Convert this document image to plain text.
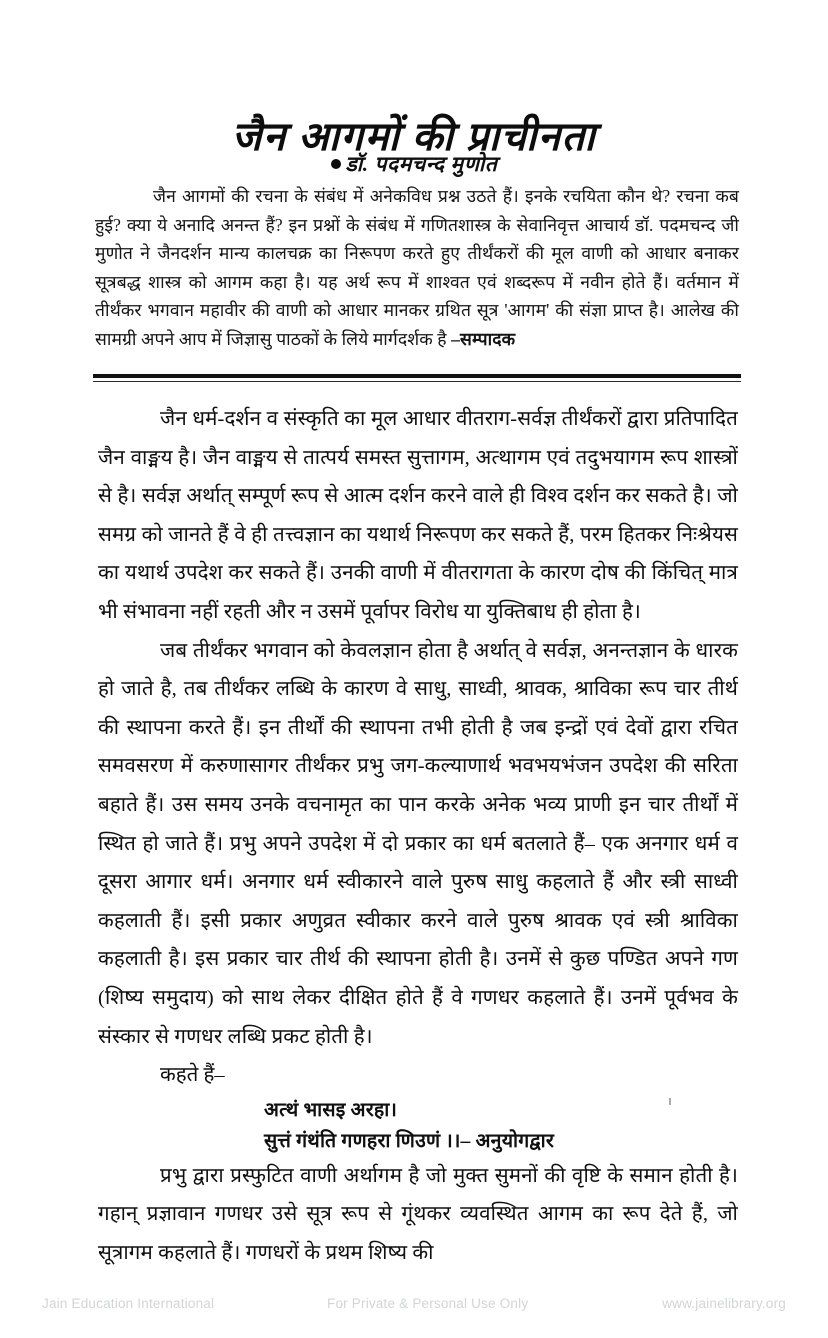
जैन आगमों की प्राचीनता
डॉ. पदमचन्द मुणोत
जैन आगमों की रचना के संबंध में अनेकविध प्रश्न उठते हैं। इनके रचयिता कौन थे? रचना कब हुई? क्या ये अनादि अनन्त हैं? इन प्रश्नों के संबंध में गणितशास्त्र के सेवानिवृत्त आचार्य डॉ. पदमचन्द जी मुणोत ने जैनदर्शन मान्य कालचक्र का निरूपण करते हुए तीर्थंकरों की मूल वाणी को आधार बनाकर सूत्रबद्ध शास्त्र को आगम कहा है। यह अर्थ रूप में शाश्वत एवं शब्दरूप में नवीन होते हैं। वर्तमान में तीर्थंकर भगवान महावीर की वाणी को आधार मानकर ग्रथित सूत्र 'आगम' की संज्ञा प्राप्त है। आलेख की सामग्री अपने आप में जिज्ञासु पाठकों के लिये मार्गदर्शक है –सम्पादक

जैन धर्म-दर्शन व संस्कृति का मूल आधार वीतराग-सर्वज्ञ तीर्थंकरों द्वारा प्रतिपादित जैन वाङ्मय है। जैन वाङ्मय से तात्पर्य समस्त सुत्तागम, अत्थागम एवं तदुभयागम रूप शास्त्रों से है। सर्वज्ञ अर्थात् सम्पूर्ण रूप से आत्म दर्शन करने वाले ही विश्व दर्शन कर सकते है। जो समग्र को जानते हैं वे ही तत्त्वज्ञान का यथार्थ निरूपण कर सकते हैं, परम हितकर निःश्रेयस का यथार्थ उपदेश कर सकते हैं। उनकी वाणी में वीतरागता के कारण दोष की किंचित् मात्र भी संभावना नहीं रहती और न उसमें पूर्वापर विरोध या युक्तिबाध ही होता है।

जब तीर्थंकर भगवान को केवलज्ञान होता है अर्थात् वे सर्वज्ञ, अनन्तज्ञान के धारक हो जाते है, तब तीर्थंकर लब्धि के कारण वे साधु, साध्वी, श्रावक, श्राविका रूप चार तीर्थ की स्थापना करते हैं। इन तीर्थों की स्थापना तभी होती है जब इन्द्रों एवं देवों द्वारा रचित समवसरण में करुणासागर तीर्थंकर प्रभु जग-कल्याणार्थ भवभयभंजन उपदेश की सरिता बहाते हैं। उस समय उनके वचनामृत का पान करके अनेक भव्य प्राणी इन चार तीर्थों में स्थित हो जाते हैं। प्रभु अपने उपदेश में दो प्रकार का धर्म बतलाते हैं– एक अनगार धर्म व दूसरा आगार धर्म। अनगार धर्म स्वीकारने वाले पुरुष साधु कहलाते हैं और स्त्री साध्वी कहलाती हैं। इसी प्रकार अणुव्रत स्वीकार करने वाले पुरुष श्रावक एवं स्त्री श्राविका कहलाती है। इस प्रकार चार तीर्थ की स्थापना होती है। उनमें से कुछ पण्डित अपने गण (शिष्य समुदाय) को साथ लेकर दीक्षित होते हैं वे गणधर कहलाते हैं। उनमें पूर्वभव के संस्कार से गणधर लब्धि प्रकट होती है।

कहते हैं–

अत्थं भासइ अरहा।
सुत्तं गंथंति गणहरा णिउणं ।।– अनुयोगद्वार

प्रभु द्वारा प्रस्फुटित वाणी अर्थागम है जो मुक्त सुमनों की वृष्टि के समान होती है। गहान् प्रज्ञावान गणधर उसे सूत्र रूप से गूंथकर व्यवस्थित आगम का रूप देते हैं, जो सूत्रागम कहलाते हैं। गणधरों के प्रथम शिष्य की

Jain Education International	For Private & Personal Use Only	www.jainelibrary.org
